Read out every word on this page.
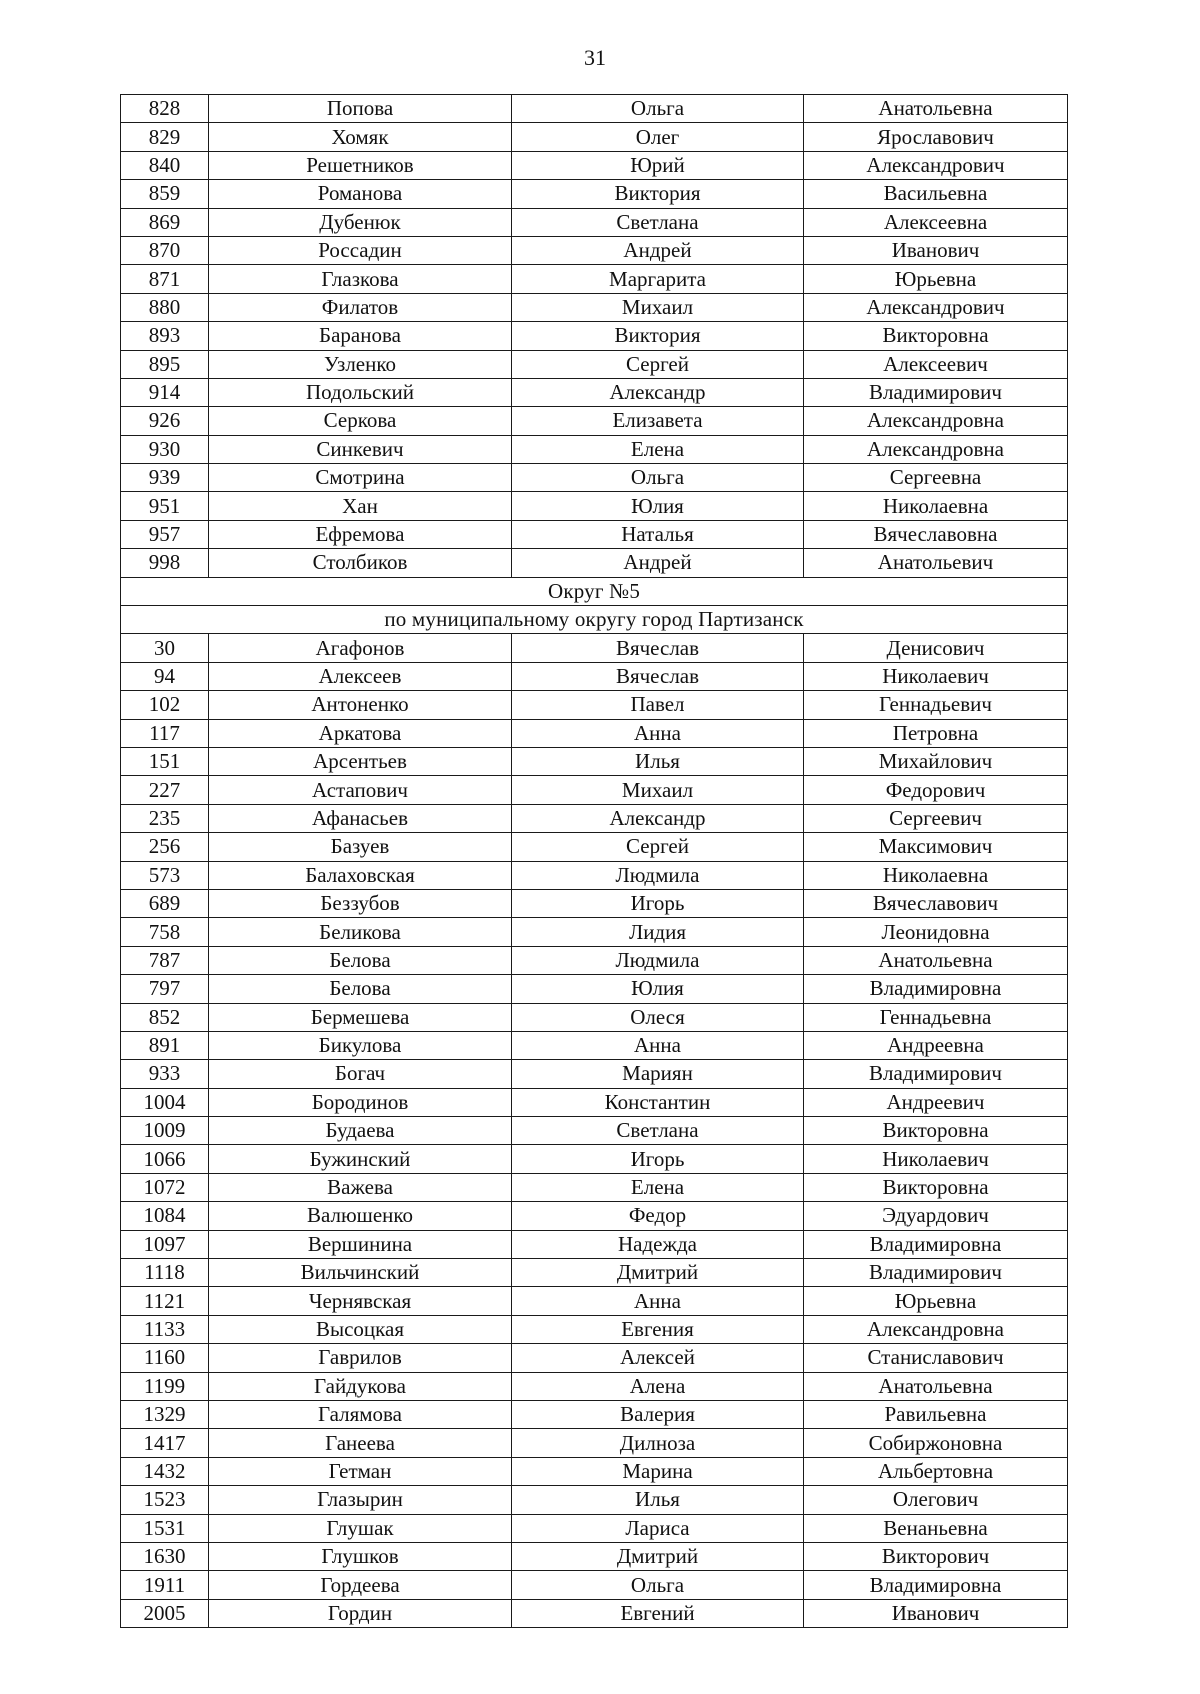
31
828	Попова	Ольга	Анатольевна
829	Хомяк	Олег	Ярославович
840	Решетников	Юрий	Александрович
859	Романова	Виктория	Васильевна
869	Дубенюк	Светлана	Алексеевна
870	Россадин	Андрей	Иванович
871	Глазкова	Маргарита	Юрьевна
880	Филатов	Михаил	Александрович
893	Баранова	Виктория	Викторовна
895	Узленко	Сергей	Алексеевич
914	Подольский	Александр	Владимирович
926	Серкова	Елизавета	Александровна
930	Синкевич	Елена	Александровна
939	Смотрина	Ольга	Сергеевна
951	Хан	Юлия	Николаевна
957	Ефремова	Наталья	Вячеславовна
998	Столбиков	Андрей	Анатольевич
Округ №5			
по муниципальному округу город Партизанск			
30	Агафонов	Вячеслав	Денисович
94	Алексеев	Вячеслав	Николаевич
102	Антоненко	Павел	Геннадьевич
117	Аркатова	Анна	Петровна
151	Арсентьев	Илья	Михайлович
227	Астапович	Михаил	Федорович
235	Афанасьев	Александр	Сергеевич
256	Базуев	Сергей	Максимович
573	Балаховская	Людмила	Николаевна
689	Беззубов	Игорь	Вячеславович
758	Беликова	Лидия	Леонидовна
787	Белова	Людмила	Анатольевна
797	Белова	Юлия	Владимировна
852	Бермешева	Олеся	Геннадьевна
891	Бикулова	Анна	Андреевна
933	Богач	Мариян	Владимирович
1004	Бородинов	Константин	Андреевич
1009	Будаева	Светлана	Викторовна
1066	Бужинский	Игорь	Николаевич
1072	Важева	Елена	Викторовна
1084	Валюшенко	Федор	Эдуардович
1097	Вершинина	Надежда	Владимировна
1118	Вильчинский	Дмитрий	Владимирович
1121	Чернявская	Анна	Юрьевна
1133	Высоцкая	Евгения	Александровна
1160	Гаврилов	Алексей	Станиславович
1199	Гайдукова	Алена	Анатольевна
1329	Галямова	Валерия	Равильевна
1417	Ганеева	Дилноза	Собиржоновна
1432	Гетман	Марина	Альбертовна
1523	Глазырин	Илья	Олегович
1531	Глушак	Лариса	Венаньевна
1630	Глушков	Дмитрий	Викторович
1911	Гордеева	Ольга	Владимировна
2005	Гордин	Евгений	Иванович
